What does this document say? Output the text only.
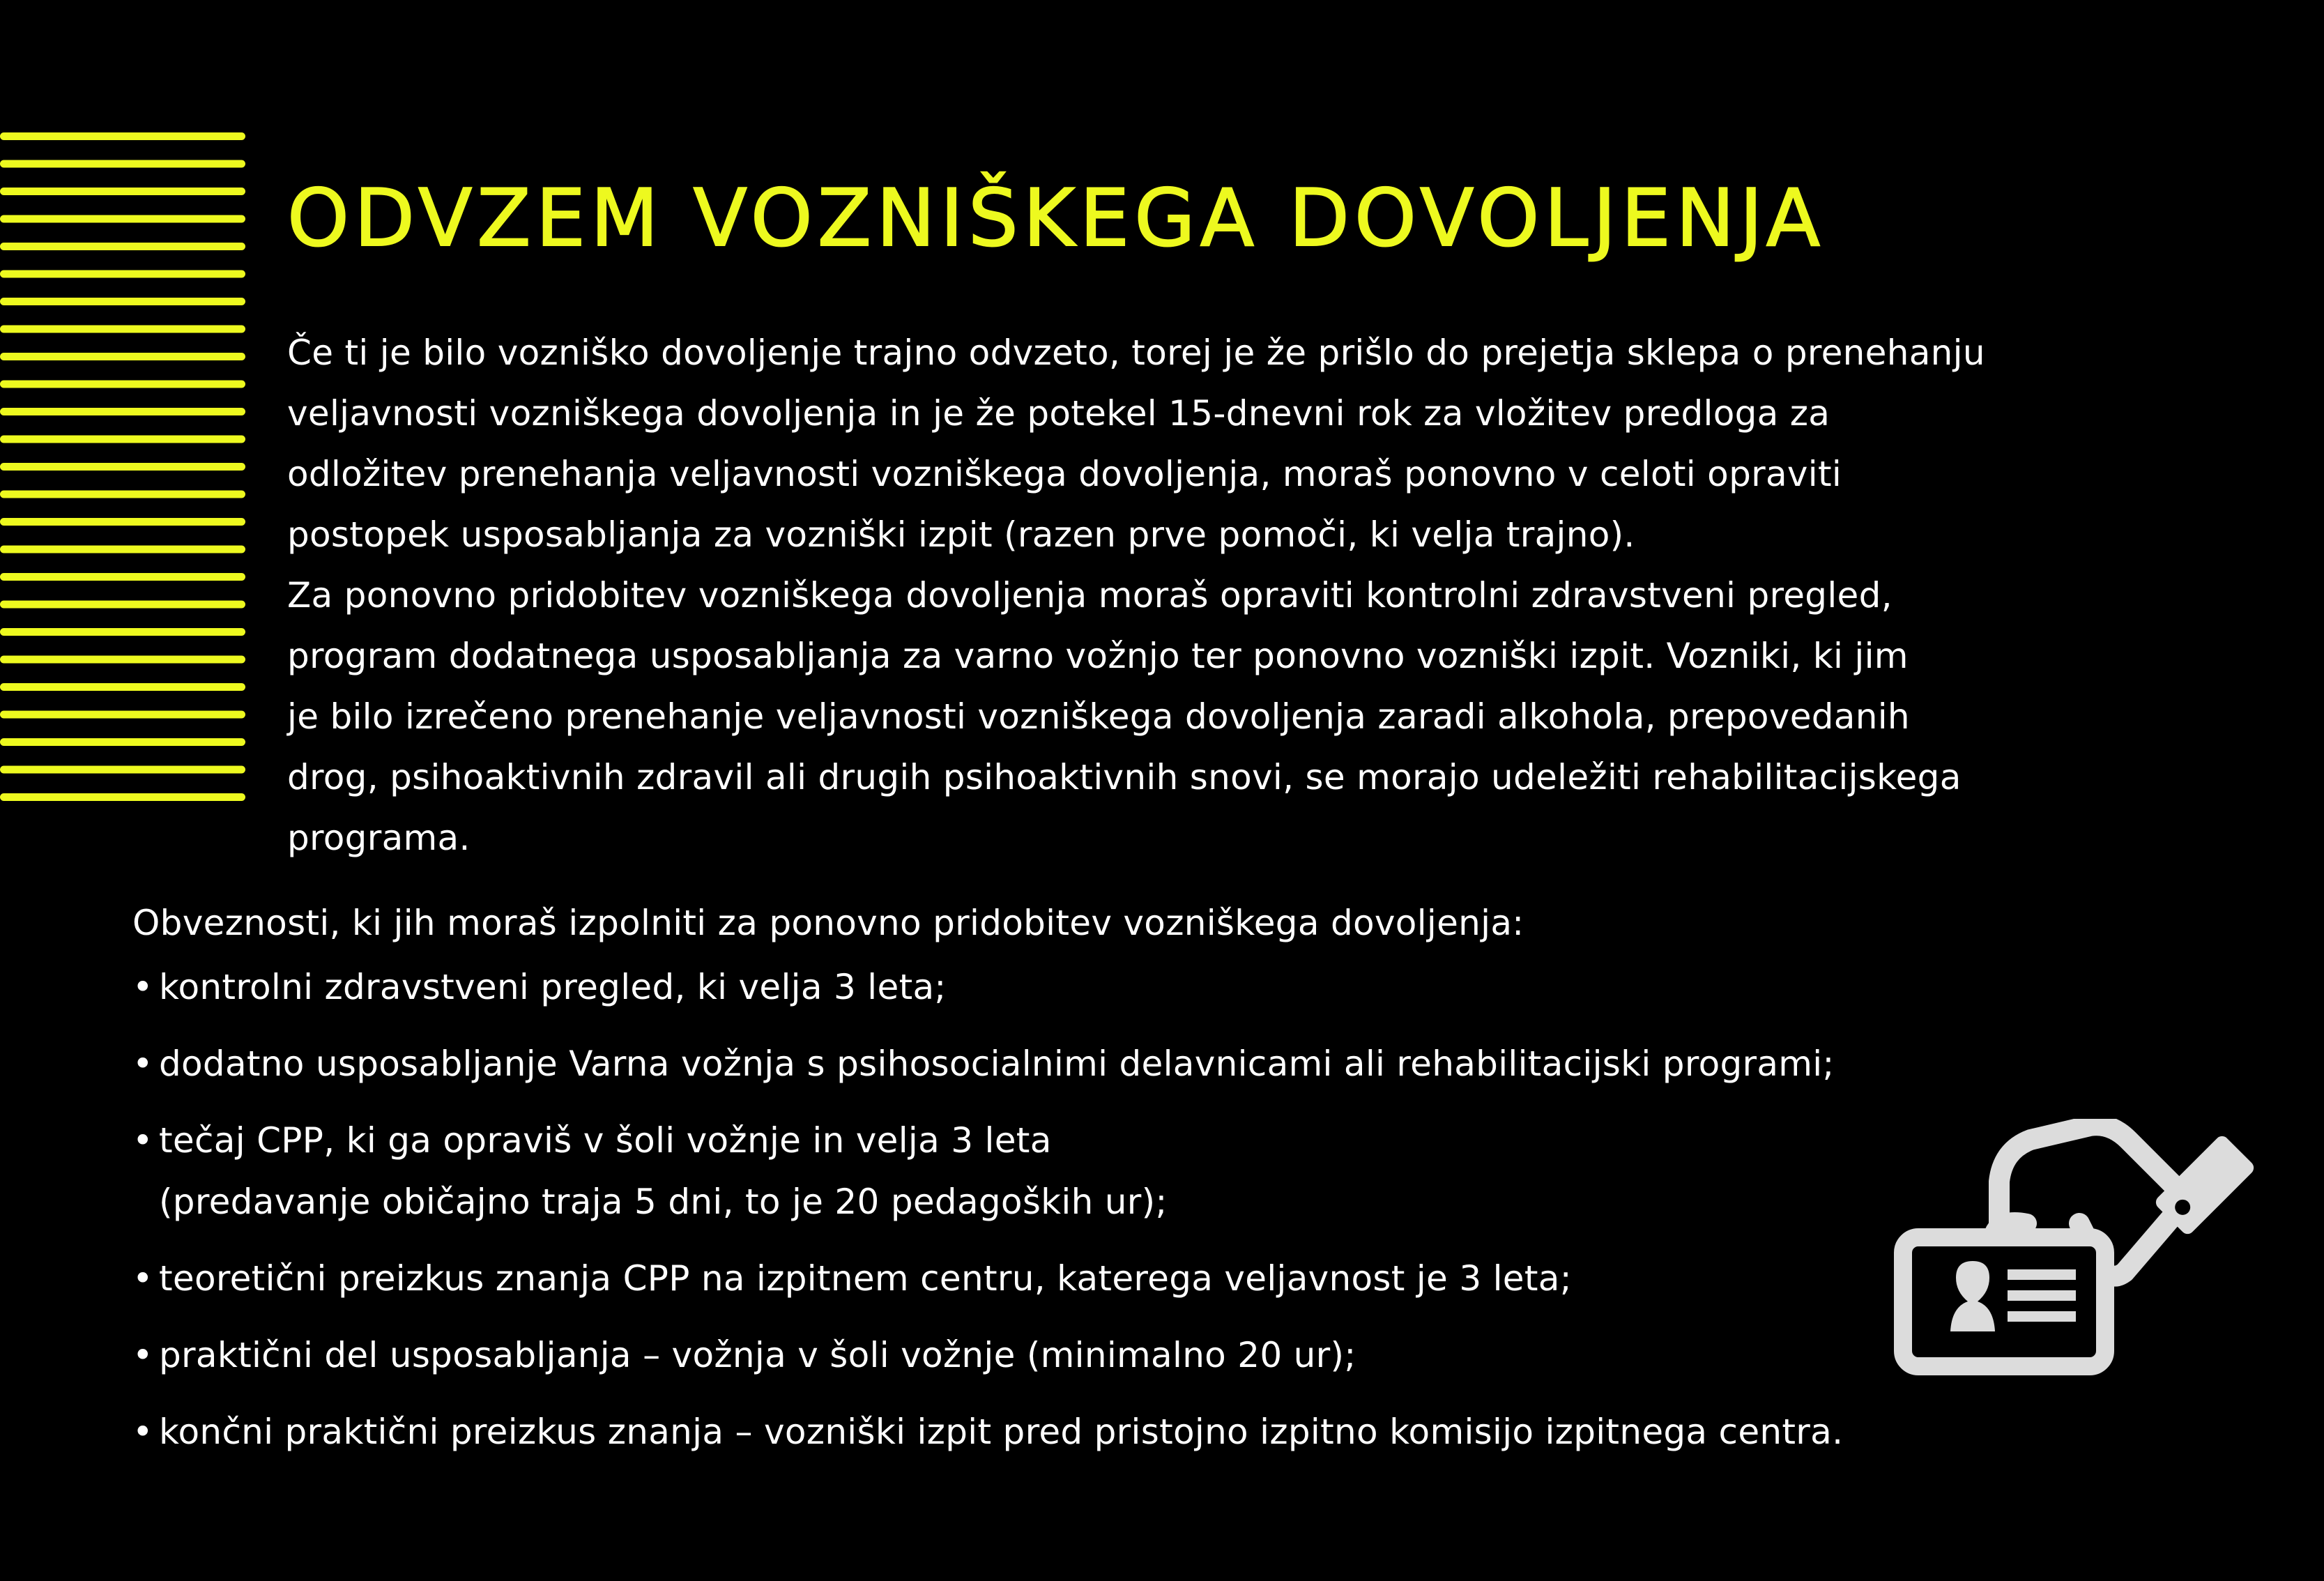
ODVZEM VOZNIŠKEGA DOVOLJENJA

Če ti je bilo vozniško dovoljenje trajno odvzeto, torej je že prišlo do prejetja sklepa o prenehanju
veljavnosti vozniškega dovoljenja in je že potekel 15-dnevni rok za vložitev predloga za
odložitev prenehanja veljavnosti vozniškega dovoljenja, moraš ponovno v celoti opraviti
postopek usposabljanja za vozniški izpit (razen prve pomoči, ki velja trajno).

Za ponovno pridobitev vozniškega dovoljenja moraš opraviti kontrolni zdravstveni pregled,
program dodatnega usposabljanja za varno vožnjo ter ponovno vozniški izpit. Vozniki, ki jim
je bilo izrečeno prenehanje veljavnosti vozniškega dovoljenja zaradi alkohola, prepovedanih
drog, psihoaktivnih zdravil ali drugih psihoaktivnih snovi, se morajo udeležiti rehabilitacijskega
programa.

Obveznosti, ki jih moraš izpolniti za ponovno pridobitev vozniškega dovoljenja:

• kontrolni zdravstveni pregled, ki velja 3 leta;
• dodatno usposabljanje Varna vožnja s psihosocialnimi delavnicami ali rehabilitacijski programi;
• tečaj CPP, ki ga opraviš v šoli vožnje in velja 3 leta
(predavanje običajno traja 5 dni, to je 20 pedagoških ur);
• teoretični preizkus znanja CPP na izpitnem centru, katerega veljavnost je 3 leta;
• praktični del usposabljanja – vožnja v šoli vožnje (minimalno 20 ur);
• končni praktični preizkus znanja – vozniški izpit pred pristojno izpitno komisijo izpitnega centra.
